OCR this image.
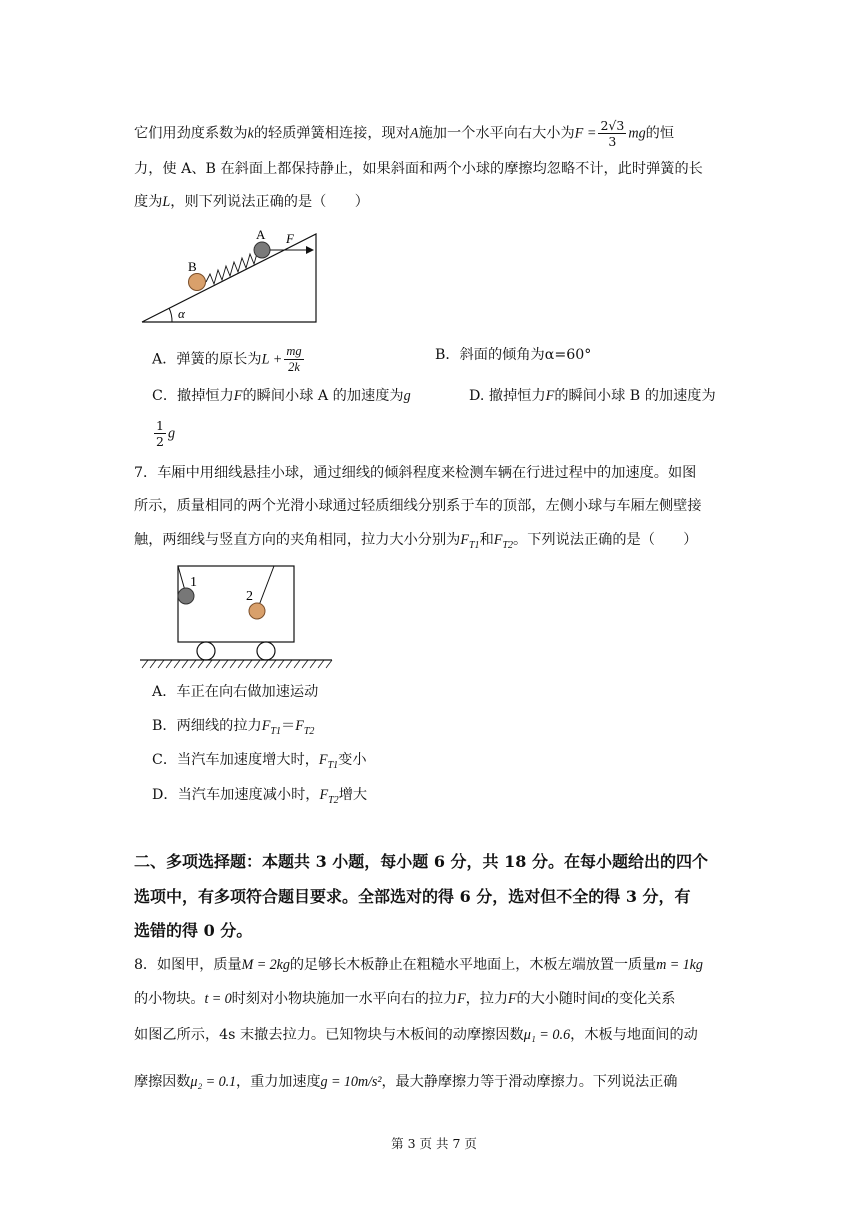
它们用劲度系数为k的轻质弹簧相连接，现对A施加一个水平向右大小为$F = \frac{2√3}{3}$ mg的恒
力，使 A、B 在斜面上都保持静止，如果斜面和两个小球的摩擦均忽略不计，此时弹簧的长
度为L，则下列说法正确的是（　　）
α
B
A F
A．弹簧的原长为$L + \frac{mg}{2k}$	B．斜面的倾角为α=60°
C．撤掉恒力F的瞬间小球 A 的加速度为g	D. 撤掉恒力F的瞬间小球 B 的加速度为
$\frac{1}{2}$ g
7．车厢中用细线悬挂小球，通过细线的倾斜程度来检测车辆在行进过程中的加速度。如图
所示，质量相同的两个光滑小球通过轻质细线分别系于车的顶部，左侧小球与车厢左侧壁接
触，两细线与竖直方向的夹角相同，拉力大小分别为$F_{T1}$和$F_{T2}$。下列说法正确的是（　　）
1
2
A．车正在向右做加速运动
B．两细线的拉力$F_{T1}=F_{T2}$
C．当汽车加速度增大时，$F_{T1}$变小
D．当汽车加速度减小时，$F_{T2}$增大
二、多项选择题：本题共 3 小题，每小题 6 分，共 18 分。在每小题给出的四个
选项中，有多项符合题目要求。全部选对的得 6 分，选对但不全的得 3 分，有
选错的得 0 分。
8．如图甲，质量M = 2kg的足够长木板静止在粗糙水平地面上，木板左端放置一质量m = 1kg
的小物块。t = 0时刻对小物块施加一水平向右的拉力F，拉力F的大小随时间t的变化关系
如图乙所示，4s 末撤去拉力。已知物块与木板间的动摩擦因数μ₁ = 0.6，木板与地面间的动
摩擦因数μ₂ = 0.1，重力加速度g = 10m/s²，最大静摩擦力等于滑动摩擦力。下列说法正确
第 3 页 共 7 页
